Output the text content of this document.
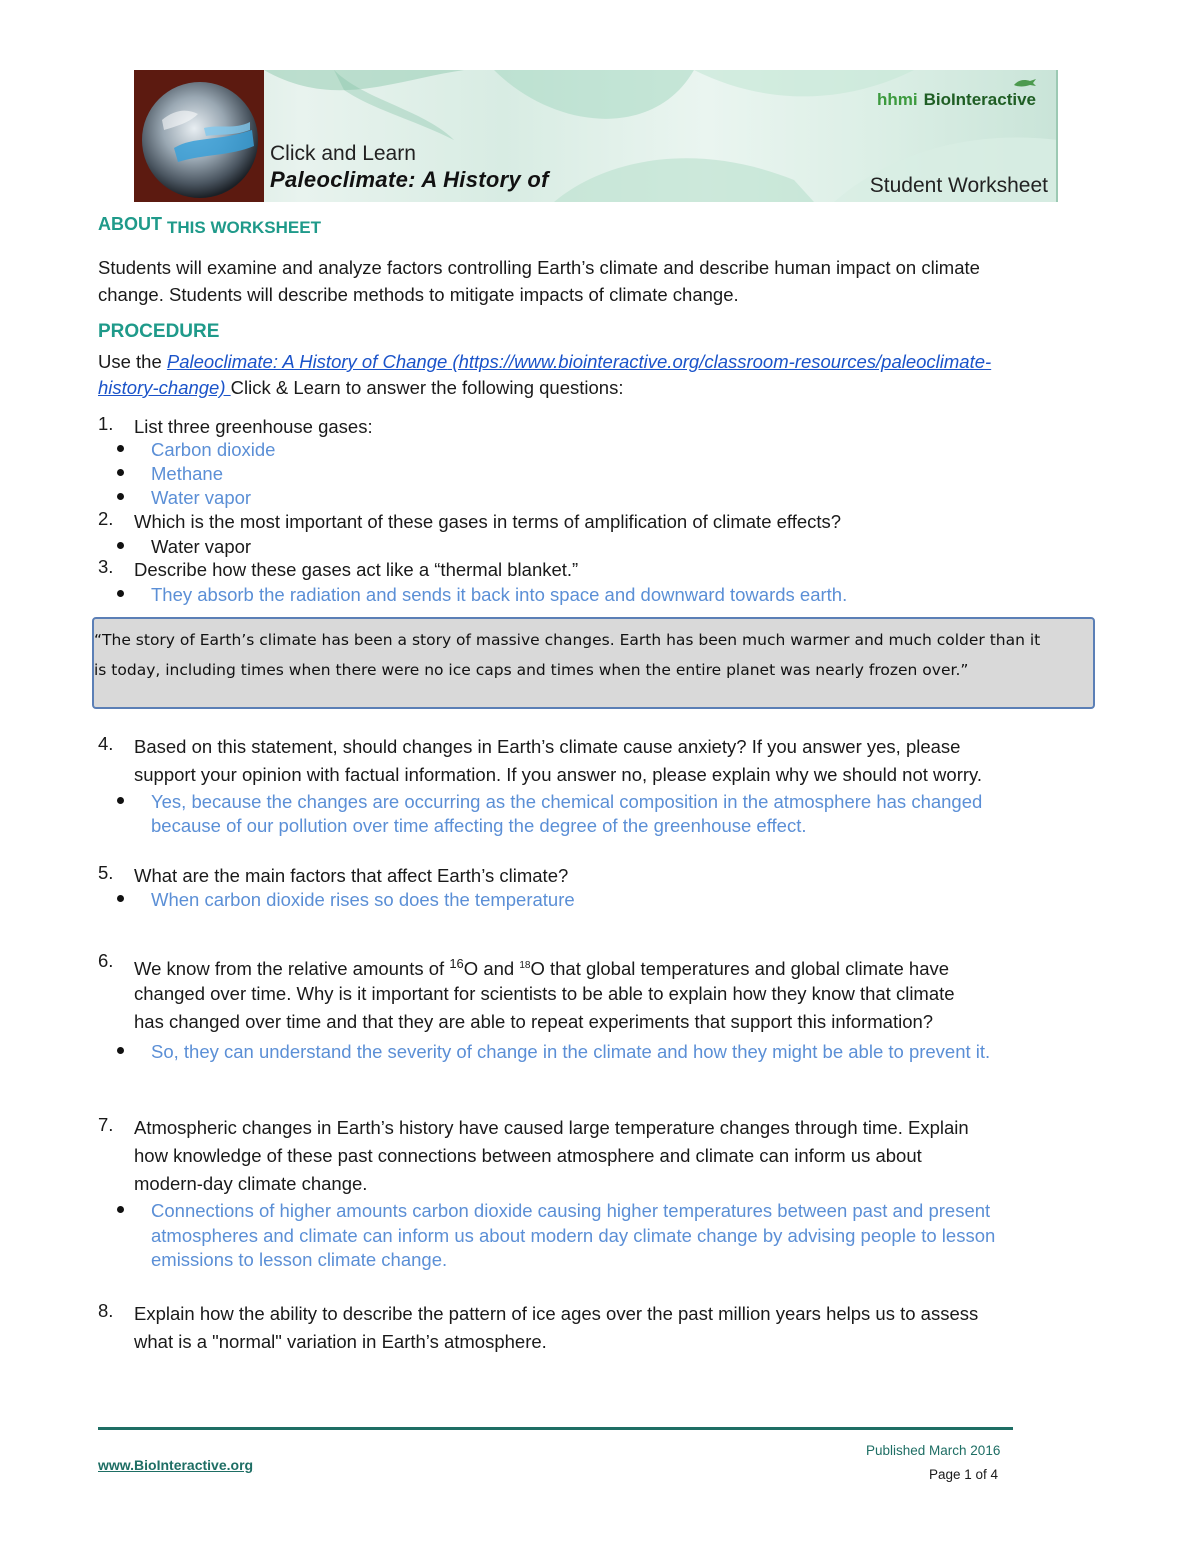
hhmi BioInteractive
Click and Learn
Paleoclimate: A History of	Student Worksheet
ABOUT THIS WORKSHEET
Students will examine and analyze factors controlling Earth’s climate and describe human impact on climate
change. Students will describe methods to mitigate impacts of climate change.
PROCEDURE
Use the Paleoclimate: A History of Change (https://www.biointeractive.org/classroom-resources/paleoclimate-
history-change) Click & Learn to answer the following questions:
1. List three greenhouse gases:
Carbon dioxide
Methane
Water vapor
2. Which is the most important of these gases in terms of amplification of climate effects?
Water vapor
3. Describe how these gases act like a “thermal blanket.”
They absorb the radiation and sends it back into space and downward towards earth.

“The story of Earth’s climate has been a story of massive changes. Earth has been much warmer and much colder than it
is today, including times when there were no ice caps and times when the entire planet was nearly frozen over.”

4. Based on this statement, should changes in Earth’s climate cause anxiety? If you answer yes, please
support your opinion with factual information. If you answer no, please explain why we should not worry.
Yes, because the changes are occurring as the chemical composition in the atmosphere has changed
because of our pollution over time affecting the degree of the greenhouse effect.
5. What are the main factors that affect Earth’s climate?
When carbon dioxide rises so does the temperature
6. We know from the relative amounts of $^{16}$O and $^{18}$O that global temperatures and global climate have
changed over time. Why is it important for scientists to be able to explain how they know that climate
has changed over time and that they are able to repeat experiments that support this information?
So, they can understand the severity of change in the climate and how they might be able to prevent it.
7. Atmospheric changes in Earth’s history have caused large temperature changes through time. Explain
how knowledge of these past connections between atmosphere and climate can inform us about
modern-day climate change.
Connections of higher amounts carbon dioxide causing higher temperatures between past and present
atmospheres and climate can inform us about modern day climate change by advising people to lesson
emissions to lesson climate change.
8. Explain how the ability to describe the pattern of ice ages over the past million years helps us to assess
what is a "normal" variation in Earth’s atmosphere.
www.BioInteractive.org
Published March 2016
Page 1 of 4
